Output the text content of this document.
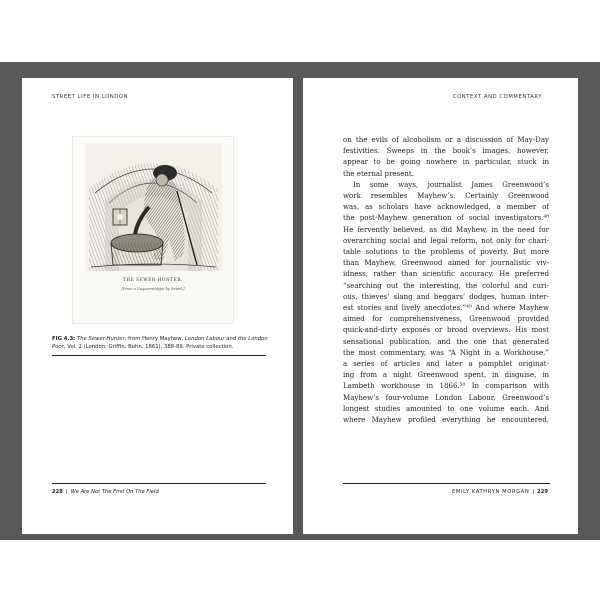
STREET LIFE IN LONDON
THE SEWER-HUNTER.
[From a Daguerreotype by Beard.]
FIG 4.3: The Sewer-Hunter, from Henry Mayhew, London Labour and the London Poor, Vol. 2 (London: Griffin, Bohn, 1861), 388-89. Private collection.
228 | We Are Not The First On The Field
CONTEXT AND COMMENTARY
on the evils of alcoholism or a discussion of May-Day
festivities. Sweeps in the book’s images, however,
appear to be going nowhere in particular, stuck in
the eternal present.
In some ways, journalist James Greenwood’s
work resembles Mayhew’s. Certainly Greenwood
was, as scholars have acknowledged, a member of
the post-Mayhew generation of social investigators.⁴⁸
He fervently believed, as did Mayhew, in the need for
overarching social and legal reform, not only for chari-
table solutions to the problems of poverty. But more
than Mayhew, Greenwood aimed for journalistic viv-
idness, rather than scientific accuracy. He preferred
“searching out the interesting, the colorful and curi-
ous, thieves’ slang and beggars’ dodges, human inter-
est stories and lively anecdotes.”⁴⁹ And where Mayhew
aimed for comprehensiveness, Greenwood provided
quick-and-dirty exposés or broad overviews. His most
sensational publication, and the one that generated
the most commentary, was “A Night in a Workhouse,”
a series of articles and later a pamphlet originat-
ing from a night Greenwood spent, in disguise, in
Lambeth workhouse in 1866.⁵⁰ In comparison with
Mayhew’s four-volume London Labour, Greenwood’s
longest studies amounted to one volume each. And
where Mayhew profiled everything he encountered,
EMILY KATHRYN MORGAN | 229
